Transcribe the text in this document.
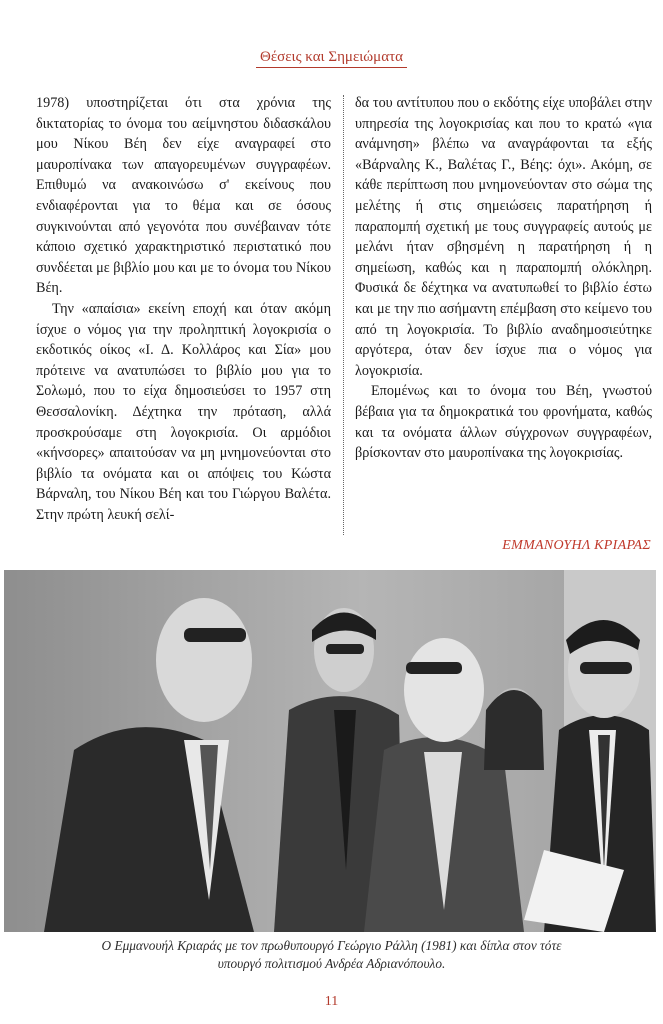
Θέσεις και Σημειώματα

1978) υποστηρίζεται ότι στα χρόνια της δικτατορίας το όνομα του αείμνηστου διδασκάλου μου Νίκου Βέη δεν είχε αναγραφεί στο μαυροπίνακα των απαγορευμένων συγγραφέων. Επιθυμώ να ανακοινώσω σ' εκείνους που ενδιαφέρονται για το θέμα και σε όσους συγκινούνται από γεγονότα που συνέβαιναν τότε κάποιο σχετικό χαρακτηριστικό περιστατικό που συνδέεται με βιβλίο μου και με το όνομα του Νίκου Βέη.

Την «απαίσια» εκείνη εποχή και όταν ακόμη ίσχυε ο νόμος για την προληπτική λογοκρισία ο εκδοτικός οίκος «Ι. Δ. Κολλάρος και Σία» μου πρότεινε να ανατυπώσει το βιβλίο μου για το Σολωμό, που το είχα δημοσιεύσει το 1957 στη Θεσσαλονίκη. Δέχτηκα την πρόταση, αλλά προσκρούσαμε στη λογοκρισία. Οι αρμόδιοι «κήνσορες» απαιτούσαν να μη μνημονεύονται στο βιβλίο τα ονόματα και οι απόψεις του Κώστα Βάρναλη, του Νίκου Βέη και του Γιώργου Βαλέτα. Στην πρώτη λευκή σελί-

δα του αντίτυπου που ο εκδότης είχε υποβάλει στην υπηρεσία της λογοκρισίας και που το κρατώ «για ανάμνηση» βλέπω να αναγράφονται τα εξής «Βάρναλης Κ., Βαλέτας Γ., Βέης: όχι». Ακόμη, σε κάθε περίπτωση που μνημονεύονταν στο σώμα της μελέτης ή στις σημειώσεις παρατήρηση ή παραπομπή σχετική με τους συγγραφείς αυτούς με μελάνι ήταν σβησμένη η παρατήρηση ή η σημείωση, καθώς και η παραπομπή ολόκληρη. Φυσικά δε δέχτηκα να ανατυπωθεί το βιβλίο έστω και με την πιο ασήμαντη επέμβαση στο κείμενο του από τη λογοκρισία. Το βιβλίο αναδημοσιεύτηκε αργότερα, όταν δεν ίσχυε πια ο νόμος για λογοκρισία.

Επομένως και το όνομα του Βέη, γνωστού βέβαια για τα δημοκρατικά του φρονήματα, καθώς και τα ονόματα άλλων σύγχρονων συγγραφέων, βρίσκονταν στο μαυροπίνακα της λογοκρισίας.

ΕΜΜΑΝΟΥΗΛ ΚΡΙΑΡΑΣ
Ο Εμμανουήλ Κριαράς με τον πρωθυπουργό Γεώργιο Ράλλη (1981) και δίπλα στον τότε
υπουργό πολιτισμού Ανδρέα Αδριανόπουλο.
11
